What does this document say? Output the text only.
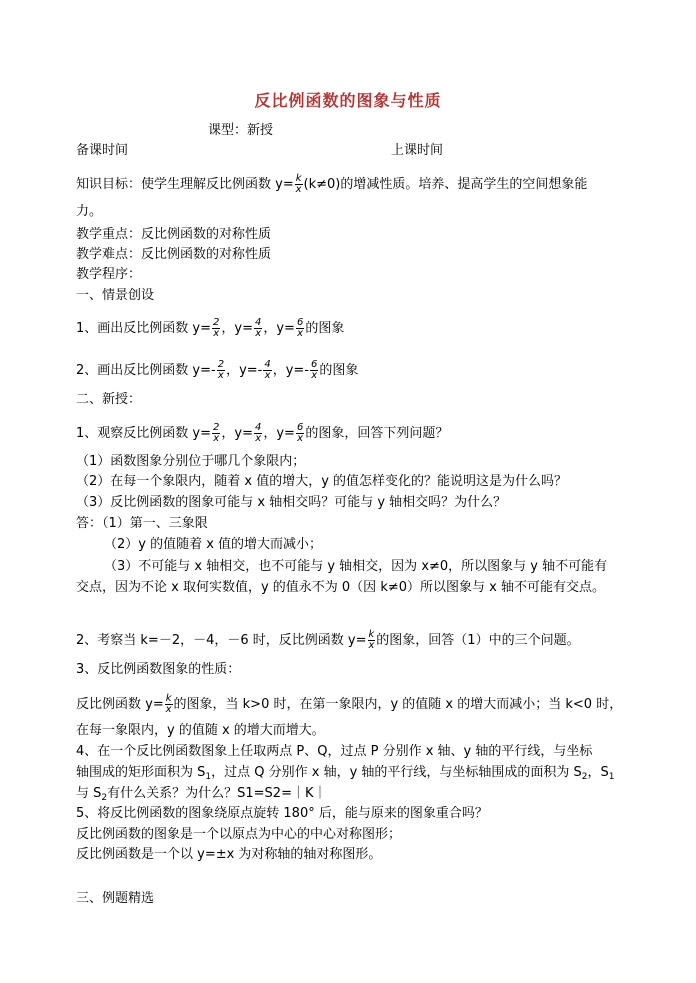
反比例函数的图象与性质
课型：新授
备课时间	上课时间
知识目标：使学生理解反比例函数 $y= \frac{k}{x} (k\ne 0)$的增减性质。培养、提高学生的空间想象能
力。
教学重点：反比例函数的对称性质
教学难点：反比例函数的对称性质
教学程序：
一、情景创设
1、画出反比例函数 $y= \frac{2}{x}$ ，$y= \frac{4}{x}$ ，$y= \frac{6}{x}$ 的图象
2、画出反比例函数 $y=- \frac{2}{x}$ ，$y=- \frac{4}{x}$ ，$y=- \frac{6}{x}$ 的图象
二、新授：
1、观察反比例函数 $y= \frac{2}{x}$ ，$y= \frac{4}{x}$ ，$y= \frac{6}{x}$ 的图象，回答下列问题？
（1）函数图象分别位于哪几个象限内；
（2）在每一个象限内，随着 x 值的增大，y 的值怎样变化的？能说明这是为什么吗？
（3）反比例函数的图象可能与 x 轴相交吗？可能与 y 轴相交吗？为什么？
答：（1）第一、三象限
（2）y 的值随着 x 值的增大而减小；
（3）不可能与 x 轴相交，也不可能与 y 轴相交，因为 x≠0，所以图象与 y 轴不可能有
交点，因为不论 x 取何实数值，y 的值永不为 0（因 k≠0）所以图象与 x 轴不可能有交点。
2、考察当 k=－2，－4，－6 时，反比例函数 $y= \frac{k}{x}$ 的图象，回答（1）中的三个问题。
3、反比例函数图象的性质：
反比例函数 $y= \frac{k}{x}$ 的图象，当 k>0 时，在第一象限内，y 的值随 x 的增大而减小；当 k<0 时，
在每一象限内，y 的值随 x 的增大而增大。
4、在一个反比例函数图象上任取两点 P、Q，过点 P 分别作 x 轴、y 轴的平行线，与坐标
轴围成的矩形面积为 $S_1$，过点 Q 分别作 x 轴，y 轴的平行线，与坐标轴围成的面积为 $S_2$，$S_1$
与 $S_2$有什么关系？为什么？S1=S2=｜K｜
5、将反比例函数的图象绕原点旋转 180° 后，能与原来的图象重合吗？
反比例函数的图象是一个以原点为中心的中心对称图形；
反比例函数是一个以 y=±x 为对称轴的轴对称图形。
三、例题精选
